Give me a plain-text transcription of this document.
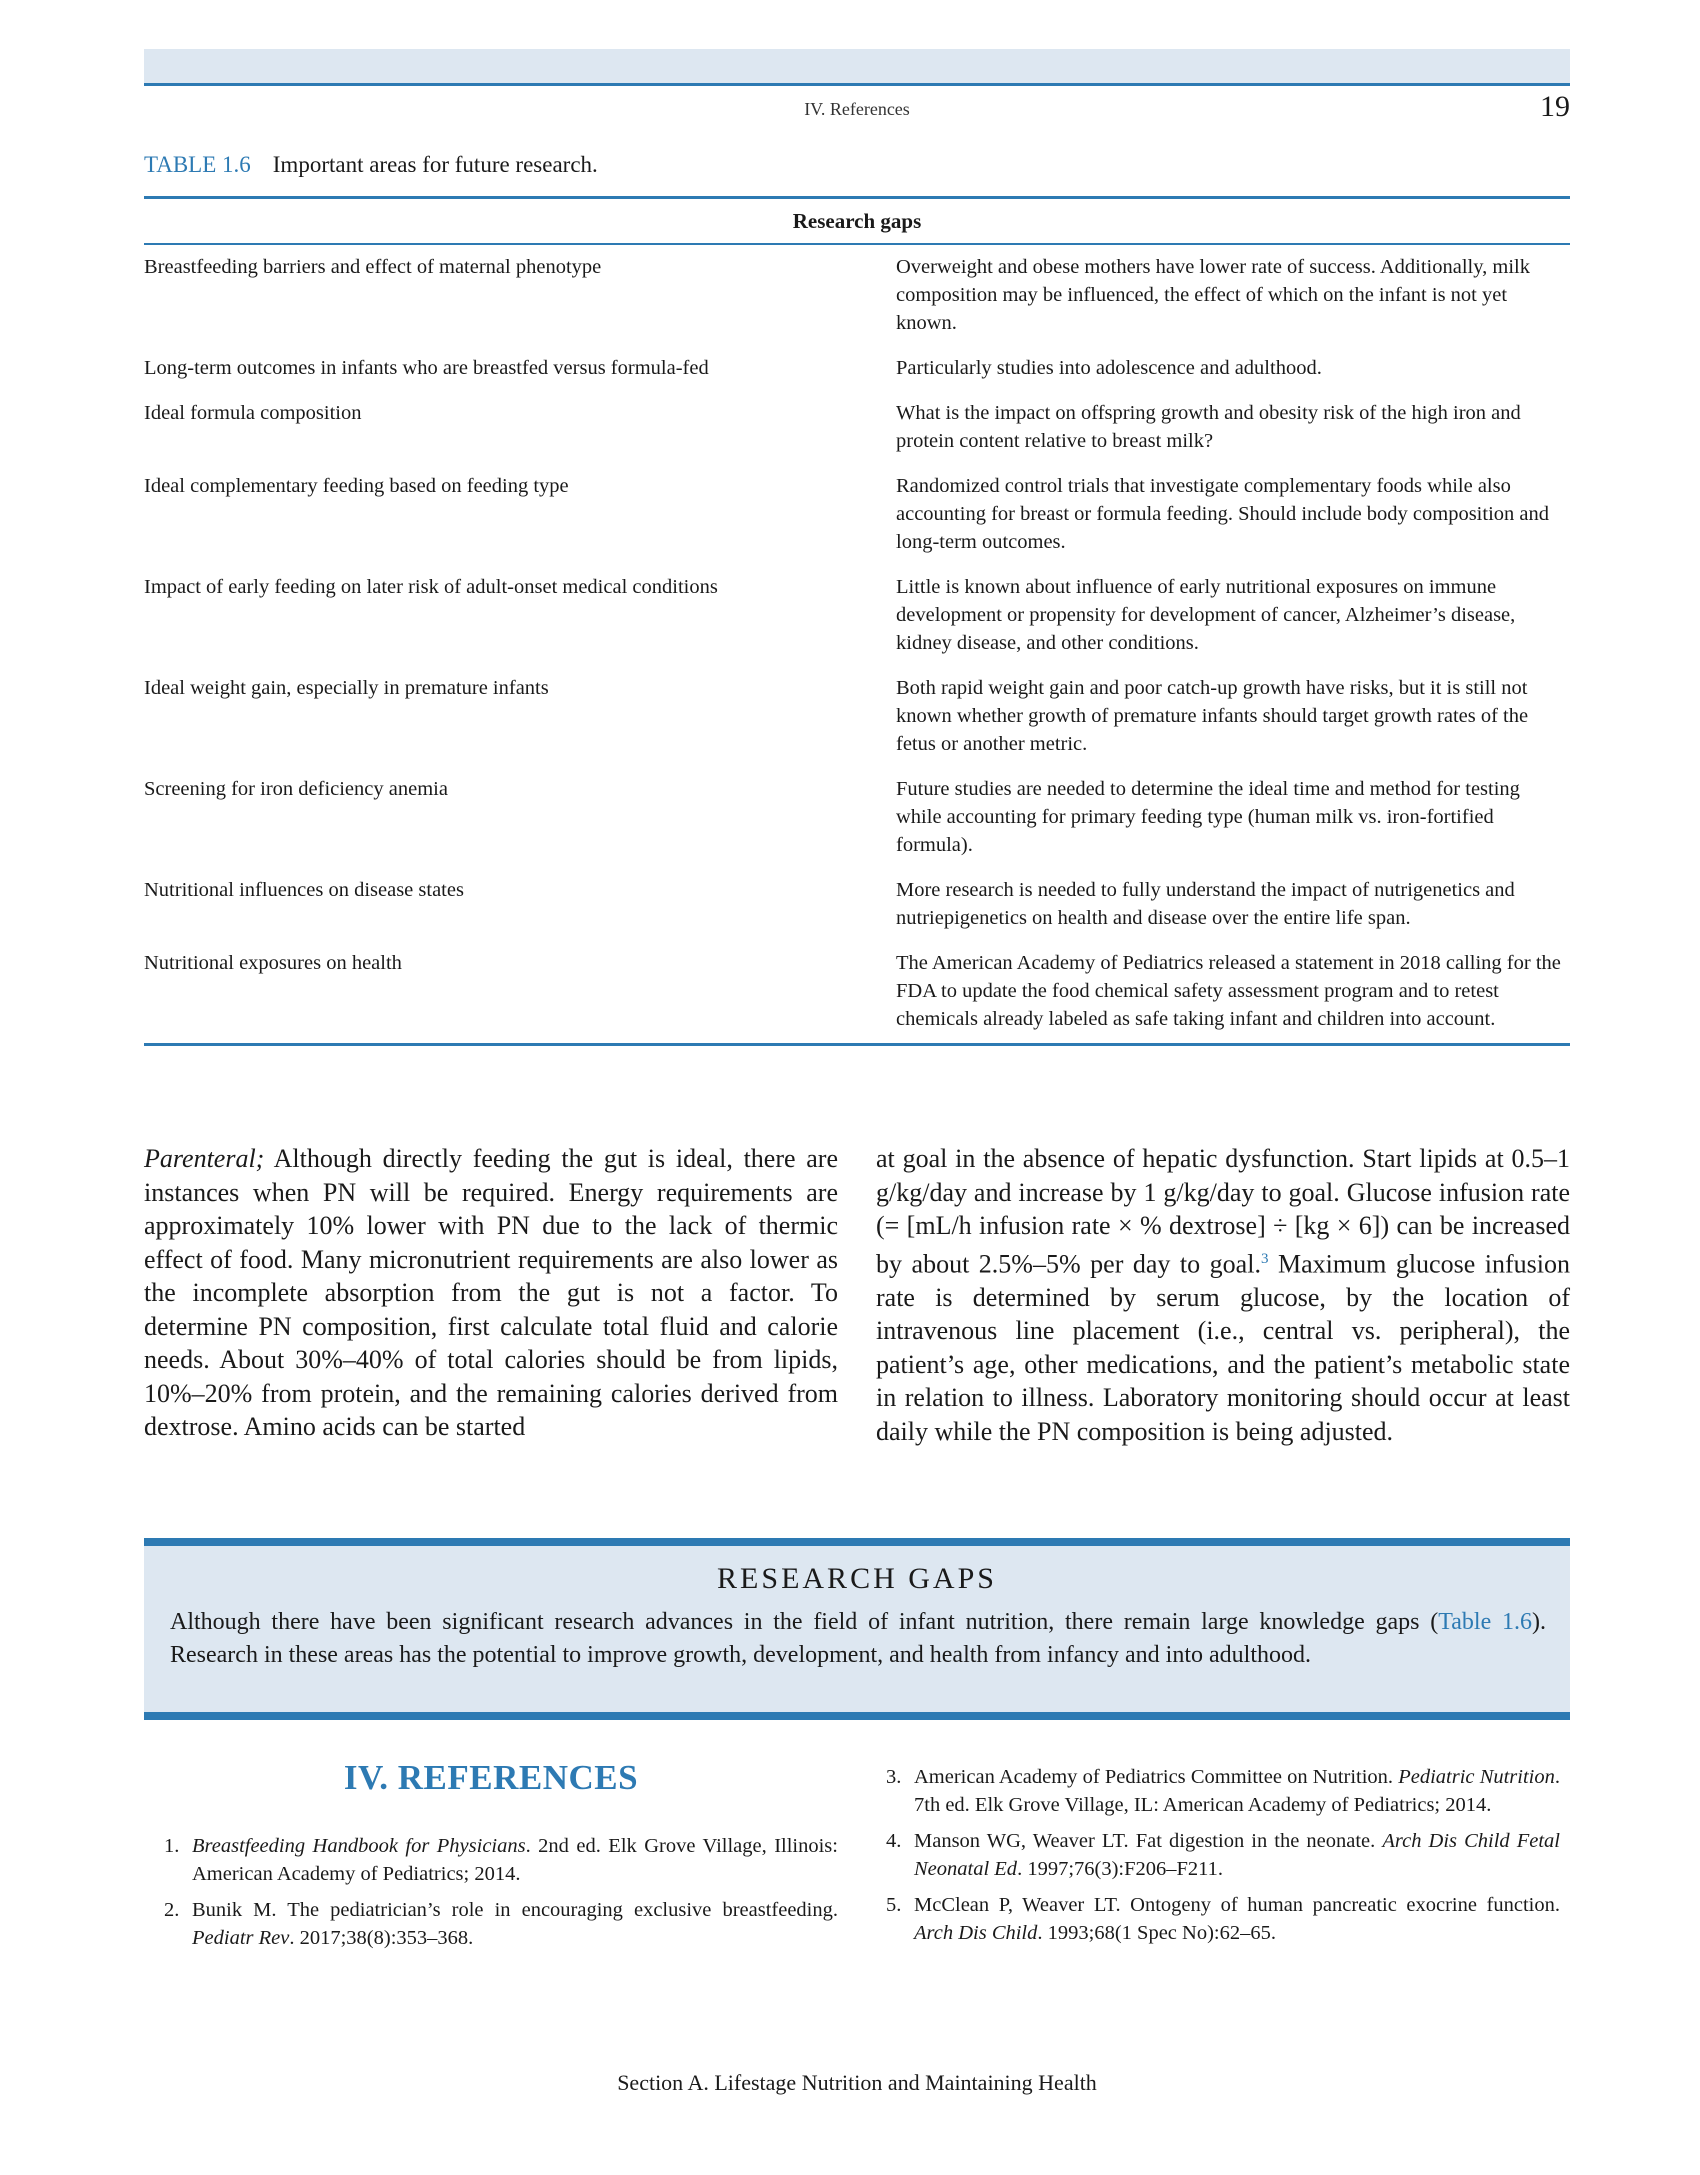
IV. References	19
TABLE 1.6 Important areas for future research.
Research gaps
Breastfeeding barriers and effect of maternal phenotype	Overweight and obese mothers have lower rate of success. Additionally, milk composition may be influenced, the effect of which on the infant is not yet known.
Long-term outcomes in infants who are breastfed versus formula-fed	Particularly studies into adolescence and adulthood.
Ideal formula composition	What is the impact on offspring growth and obesity risk of the high iron and protein content relative to breast milk?
Ideal complementary feeding based on feeding type	Randomized control trials that investigate complementary foods while also accounting for breast or formula feeding. Should include body composition and long-term outcomes.
Impact of early feeding on later risk of adult-onset medical conditions	Little is known about influence of early nutritional exposures on immune development or propensity for development of cancer, Alzheimer’s disease, kidney disease, and other conditions.
Ideal weight gain, especially in premature infants	Both rapid weight gain and poor catch-up growth have risks, but it is still not known whether growth of premature infants should target growth rates of the fetus or another metric.
Screening for iron deficiency anemia	Future studies are needed to determine the ideal time and method for testing while accounting for primary feeding type (human milk vs. iron-fortified formula).
Nutritional influences on disease states	More research is needed to fully understand the impact of nutrigenetics and nutriepigenetics on health and disease over the entire life span.
Nutritional exposures on health	The American Academy of Pediatrics released a statement in 2018 calling for the FDA to update the food chemical safety assessment program and to retest chemicals already labeled as safe taking infant and children into account.
Parenteral; Although directly feeding the gut is ideal, there are instances when PN will be required. Energy requirements are approximately 10% lower with PN due to the lack of thermic effect of food. Many micronutrient requirements are also lower as the incomplete absorption from the gut is not a factor. To determine PN composition, first calculate total fluid and calorie needs. About 30%‒40% of total calories should be from lipids, 10%‒20% from protein, and the remaining calories derived from dextrose. Amino acids can be started
at goal in the absence of hepatic dysfunction. Start lipids at 0.5‒1 g/kg/day and increase by 1 g/kg/day to goal. Glucose infusion rate (= [mL/h infusion rate × % dextrose] ÷ [kg × 6]) can be increased by about 2.5%‒5% per day to goal.$^3$ Maximum glucose infusion rate is determined by serum glucose, by the location of intravenous line placement (i.e., central vs. peripheral), the patient’s age, other medications, and the patient’s metabolic state in relation to illness. Laboratory monitoring should occur at least daily while the PN composition is being adjusted.
RESEARCH GAPS
Although there have been significant research advances in the field of infant nutrition, there remain large knowledge gaps (Table 1.6). Research in these areas has the potential to improve growth, development, and health from infancy and into adulthood.
IV. REFERENCES
1. Breastfeeding Handbook for Physicians. 2nd ed. Elk Grove Village, Illinois: American Academy of Pediatrics; 2014.
2. Bunik M. The pediatrician’s role in encouraging exclusive breastfeeding. Pediatr Rev. 2017;38(8):353‒368.
3. American Academy of Pediatrics Committee on Nutrition. Pediatric Nutrition. 7th ed. Elk Grove Village, IL: American Academy of Pediatrics; 2014.
4. Manson WG, Weaver LT. Fat digestion in the neonate. Arch Dis Child Fetal Neonatal Ed. 1997;76(3):F206‒F211.
5. McClean P, Weaver LT. Ontogeny of human pancreatic exocrine function. Arch Dis Child. 1993;68(1 Spec No):62‒65.
Section A. Lifestage Nutrition and Maintaining Health
